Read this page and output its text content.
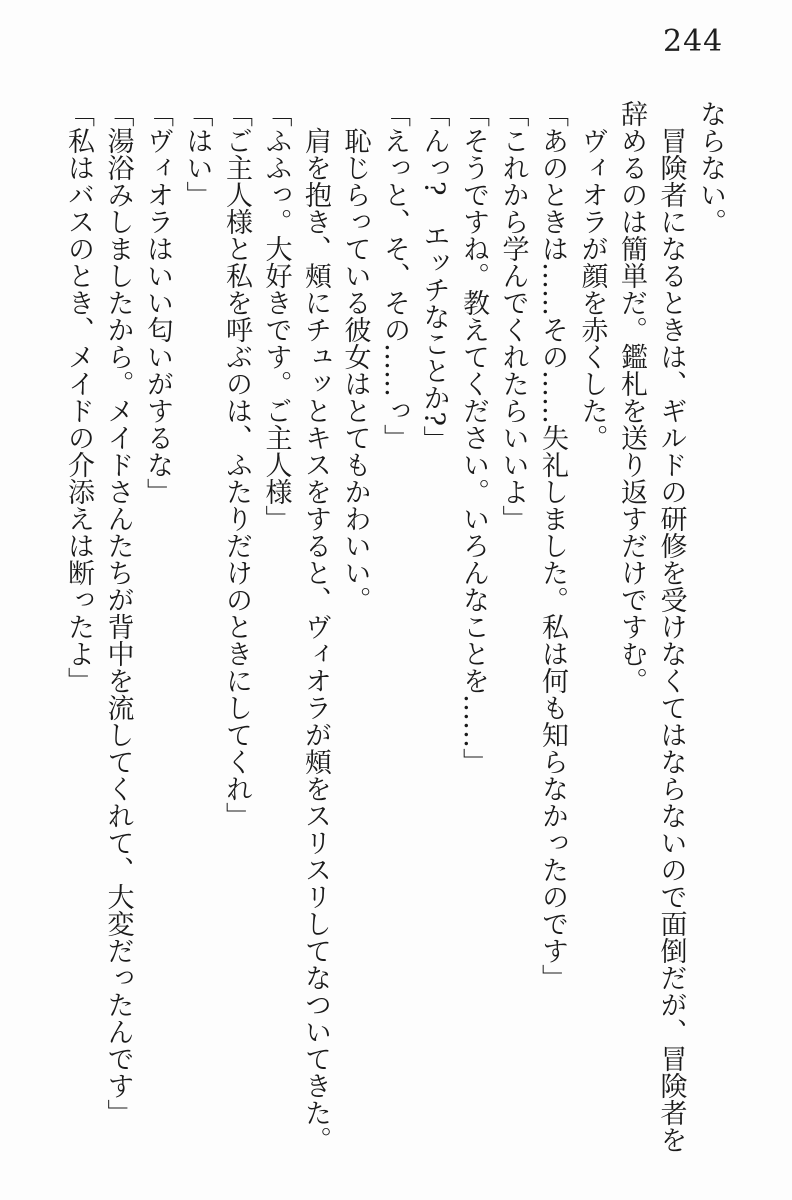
244

ならない。

冒険者になるときは、ギルドの研修を受けなくてはならないので面倒だが、冒険者を辞めるのは簡単だ。鑑札を送り返すだけですむ。

ヴィオラが顔を赤くした。

「あのときは……その……失礼しました。私は何も知らなかったのです」

「これから学んでくれたらいいよ」

「そうですね。教えてください。いろんなことを……」

「んっ?　エッチなことか?」

「えっと、そ、その……っ」

恥じらっている彼女はとてもかわいい。

肩を抱き、頰にチュッとキスをすると、ヴィオラが頰をスリスリしてなついてきた。

「ふふっ。大好きです。ご主人様」

「ご主人様と私を呼ぶのは、ふたりだけのときにしてくれ」

「はい」

「ヴィオラはいい匂いがするな」

「湯浴みしましたから。メイドさんたちが背中を流してくれて、大変だったんです」

「私はバスのとき、メイドの介添えは断ったよ」
